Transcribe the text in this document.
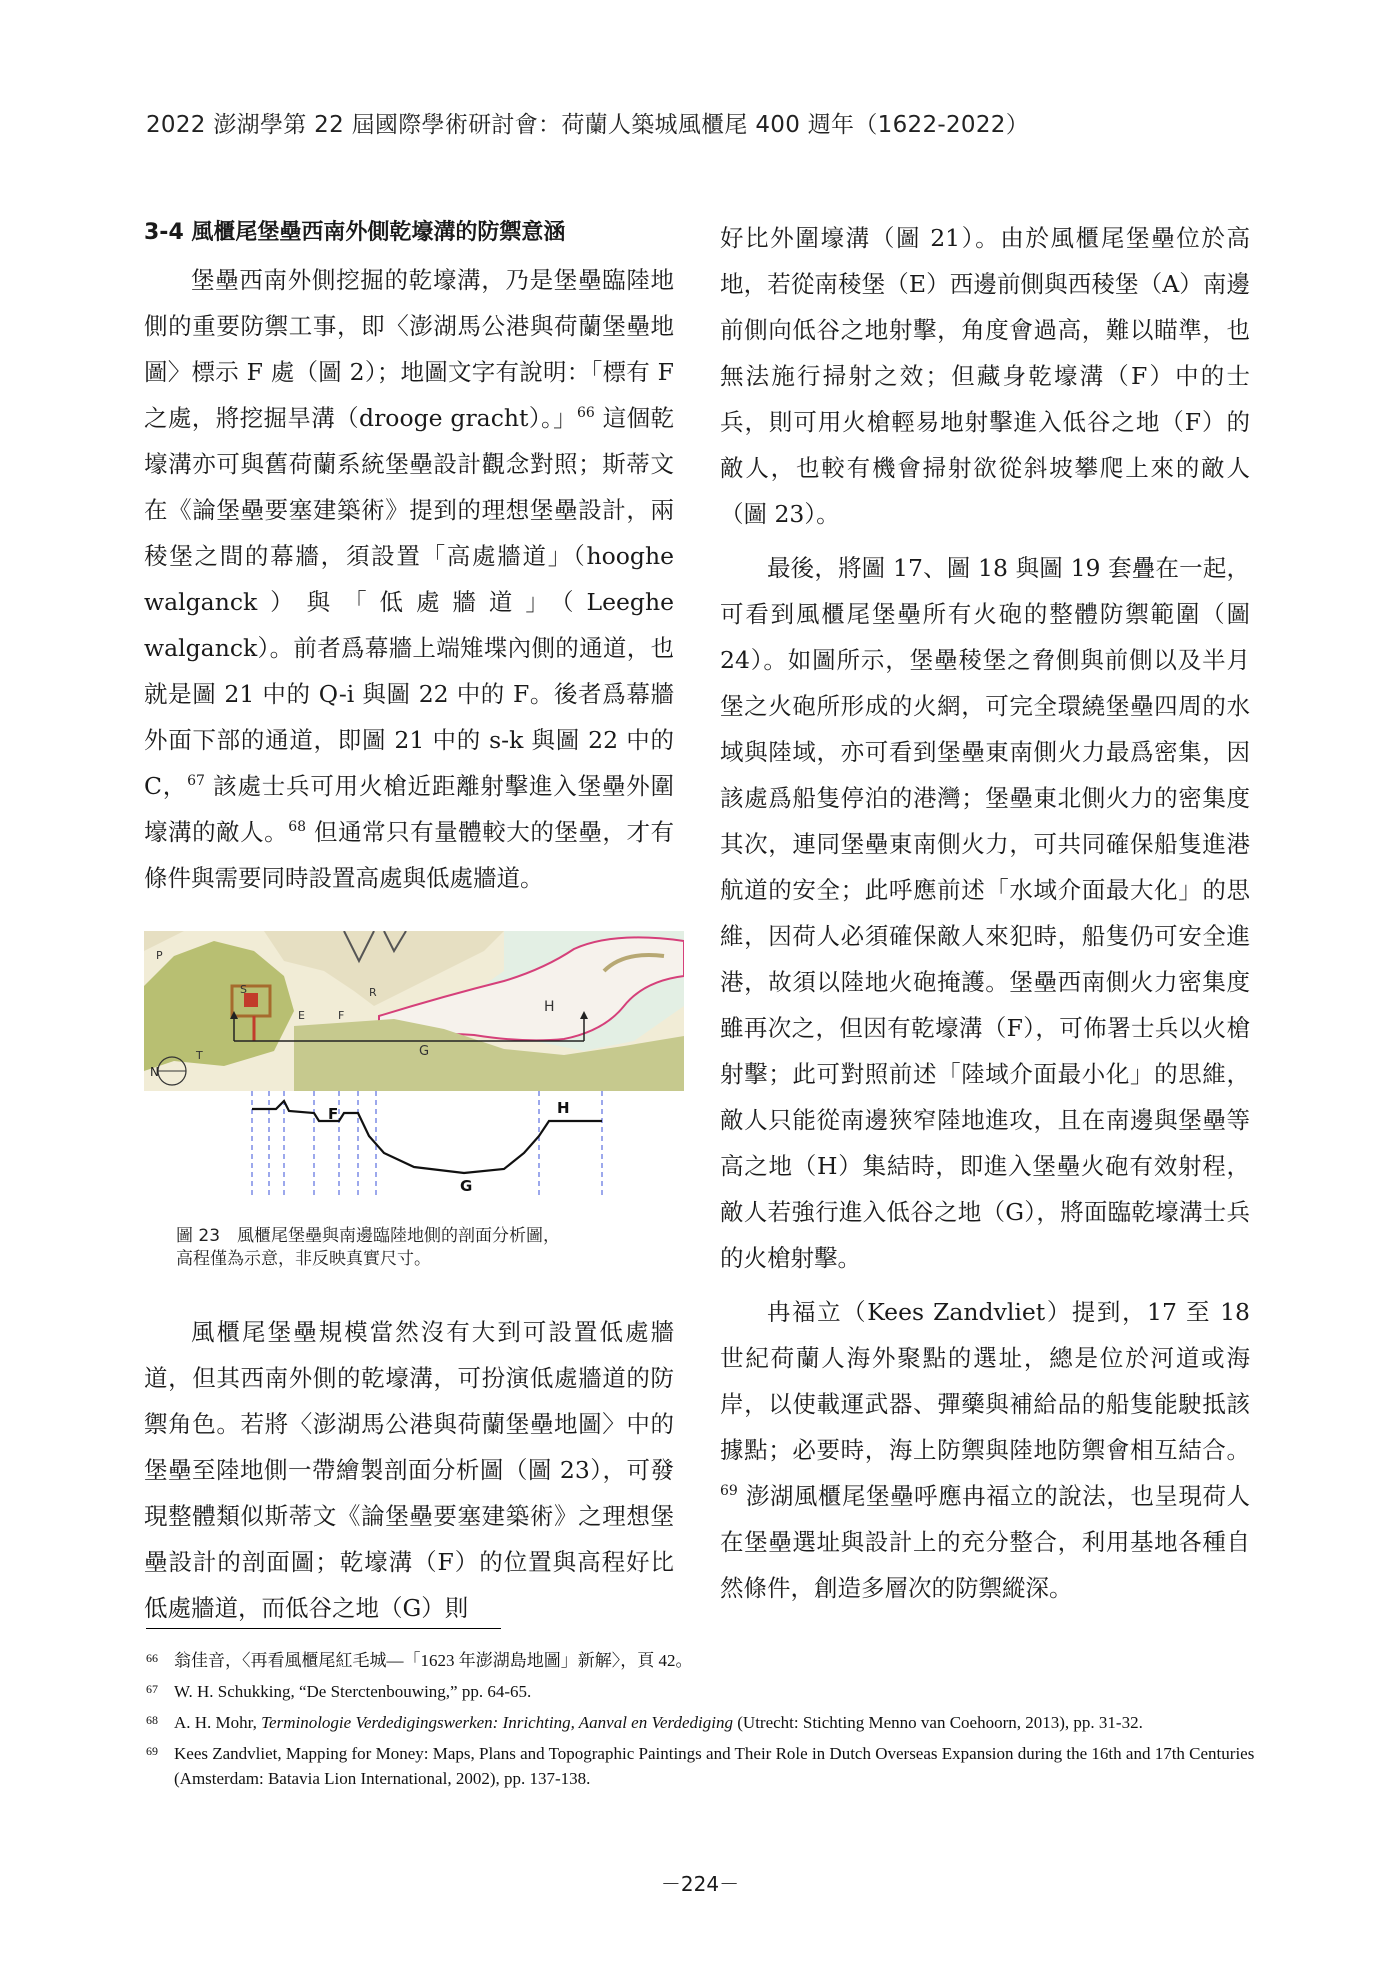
2022 澎湖學第 22 屆國際學術研討會：荷蘭人築城風櫃尾 400 週年（1622-2022）
3-4 風櫃尾堡壘西南外側乾壕溝的防禦意涵

堡壘西南外側挖掘的乾壕溝，乃是堡壘臨陸地側的重要防禦工事，即〈澎湖馬公港與荷蘭堡壘地圖〉標示 F 處（圖 2）；地圖文字有說明：「標有 F 之處，將挖掘旱溝（drooge gracht）。」$^{66}$ 這個乾壕溝亦可與舊荷蘭系統堡壘設計觀念對照；斯蒂文在《論堡壘要塞建築術》提到的理想堡壘設計，兩稜堡之間的幕牆，須設置「高處牆道」（hooghe walganck）與「低處牆道」（Leeghe walganck）。前者爲幕牆上端雉堞內側的通道，也就是圖 21 中的 Q-i 與圖 22 中的 F。後者爲幕牆外面下部的通道，即圖 21 中的 s-k 與圖 22 中的 C，$^{67}$ 該處士兵可用火槍近距離射擊進入堡壘外圍壕溝的敵人。$^{68}$ 但通常只有量體較大的堡壘，才有條件與需要同時設置高處與低處牆道。

N
S
P
R
E	F
T	G
H
F
G
H
圖 23　風櫃尾堡壘與南邊臨陸地側的剖面分析圖，
高程僅為示意，非反映真實尺寸。

風櫃尾堡壘規模當然沒有大到可設置低處牆道，但其西南外側的乾壕溝，可扮演低處牆道的防禦角色。若將〈澎湖馬公港與荷蘭堡壘地圖〉中的堡壘至陸地側一帶繪製剖面分析圖（圖 23），可發現整體類似斯蒂文《論堡壘要塞建築術》之理想堡壘設計的剖面圖；乾壕溝（F）的位置與高程好比低處牆道，而低谷之地（G）則

好比外圍壕溝（圖 21）。由於風櫃尾堡壘位於高地，若從南稜堡（E）西邊前側與西稜堡（A）南邊前側向低谷之地射擊，角度會過高，難以瞄準，也無法施行掃射之效；但藏身乾壕溝（F）中的士兵，則可用火槍輕易地射擊進入低谷之地（F）的敵人，也較有機會掃射欲從斜坡攀爬上來的敵人（圖 23）。

最後，將圖 17、圖 18 與圖 19 套疊在一起，可看到風櫃尾堡壘所有火砲的整體防禦範圍（圖 24）。如圖所示，堡壘稜堡之脅側與前側以及半月堡之火砲所形成的火網，可完全環繞堡壘四周的水域與陸域，亦可看到堡壘東南側火力最爲密集，因該處爲船隻停泊的港灣；堡壘東北側火力的密集度其次，連同堡壘東南側火力，可共同確保船隻進港航道的安全；此呼應前述「水域介面最大化」的思維，因荷人必須確保敵人來犯時，船隻仍可安全進港，故須以陸地火砲掩護。堡壘西南側火力密集度雖再次之，但因有乾壕溝（F），可佈署士兵以火槍射擊；此可對照前述「陸域介面最小化」的思維，敵人只能從南邊狹窄陸地進攻，且在南邊與堡壘等高之地（H）集結時，即進入堡壘火砲有效射程，敵人若強行進入低谷之地（G），將面臨乾壕溝士兵的火槍射擊。

冉福立（Kees Zandvliet）提到，17 至 18 世紀荷蘭人海外聚點的選址，總是位於河道或海岸，以使載運武器、彈藥與補給品的船隻能駛抵該據點；必要時，海上防禦與陸地防禦會相互結合。$^{69}$ 澎湖風櫃尾堡壘呼應冉福立的說法，也呈現荷人在堡壘選址與設計上的充分整合，利用基地各種自然條件，創造多層次的防禦縱深。

66 翁佳音，〈再看風櫃尾紅毛城—「1623 年澎湖島地圖」新解〉，頁 42。
67 W. H. Schukking, “De Sterctenbouwing,” pp. 64-65.
68 A. H. Mohr, Terminologie Verdedigingswerken: Inrichting, Aanval en Verdediging (Utrecht: Stichting Menno van Coehoorn, 2013), pp. 31-32.
69 Kees Zandvliet, Mapping for Money: Maps, Plans and Topographic Paintings and Their Role in Dutch Overseas Expansion during the 16th and 17th Centuries (Amsterdam: Batavia Lion International, 2002), pp. 137-138.
－224－
